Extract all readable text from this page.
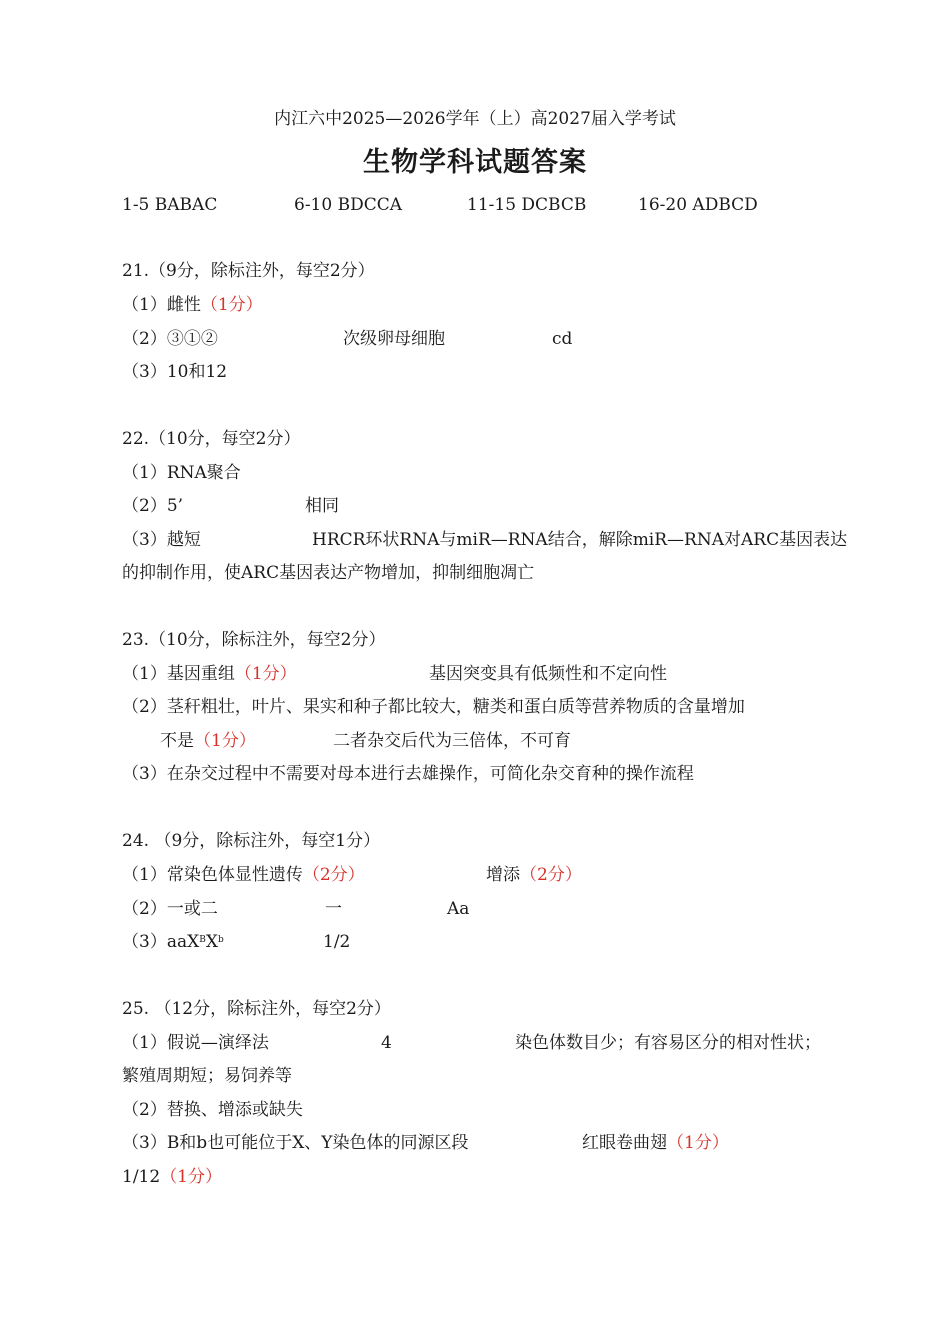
内江六中2025—2026学年（上）高2027届入学考试
生物学科试题答案
1-5 BABAC	6-10 BDCCA	11-15 DCBCB	16-20 ADBCD
21.（9分，除标注外，每空2分）
（1）雌性（1分）
（2）③①②	次级卵母细胞	cd
（3）10和12
22.（10分，每空2分）
（1）RNA聚合
（2）5’	相同
（3）越短	HRCR环状RNA与miR—RNA结合，解除miR—RNA对ARC基因表达
的抑制作用，使ARC基因表达产物增加，抑制细胞凋亡
23.（10分，除标注外，每空2分）
（1）基因重组（1分）	基因突变具有低频性和不定向性
（2）茎秆粗壮，叶片、果实和种子都比较大，糖类和蛋白质等营养物质的含量增加
不是（1分）	二者杂交后代为三倍体，不可育
（3）在杂交过程中不需要对母本进行去雄操作，可简化杂交育种的操作流程
24. （9分，除标注外，每空1分）
（1）常染色体显性遗传（2分）	增添（2分）
（2）一或二	一	Aa
$(3)aaX^BX^b$	1/2
25. （12分，除标注外，每空2分）
（1）假说—演绎法	4	染色体数目少；有容易区分的相对性状；
繁殖周期短；易饲养等
（2）替换、增添或缺失
（3）B和b也可能位于X、Y染色体的同源区段	红眼卷曲翅（1分）
1/12（1分）
